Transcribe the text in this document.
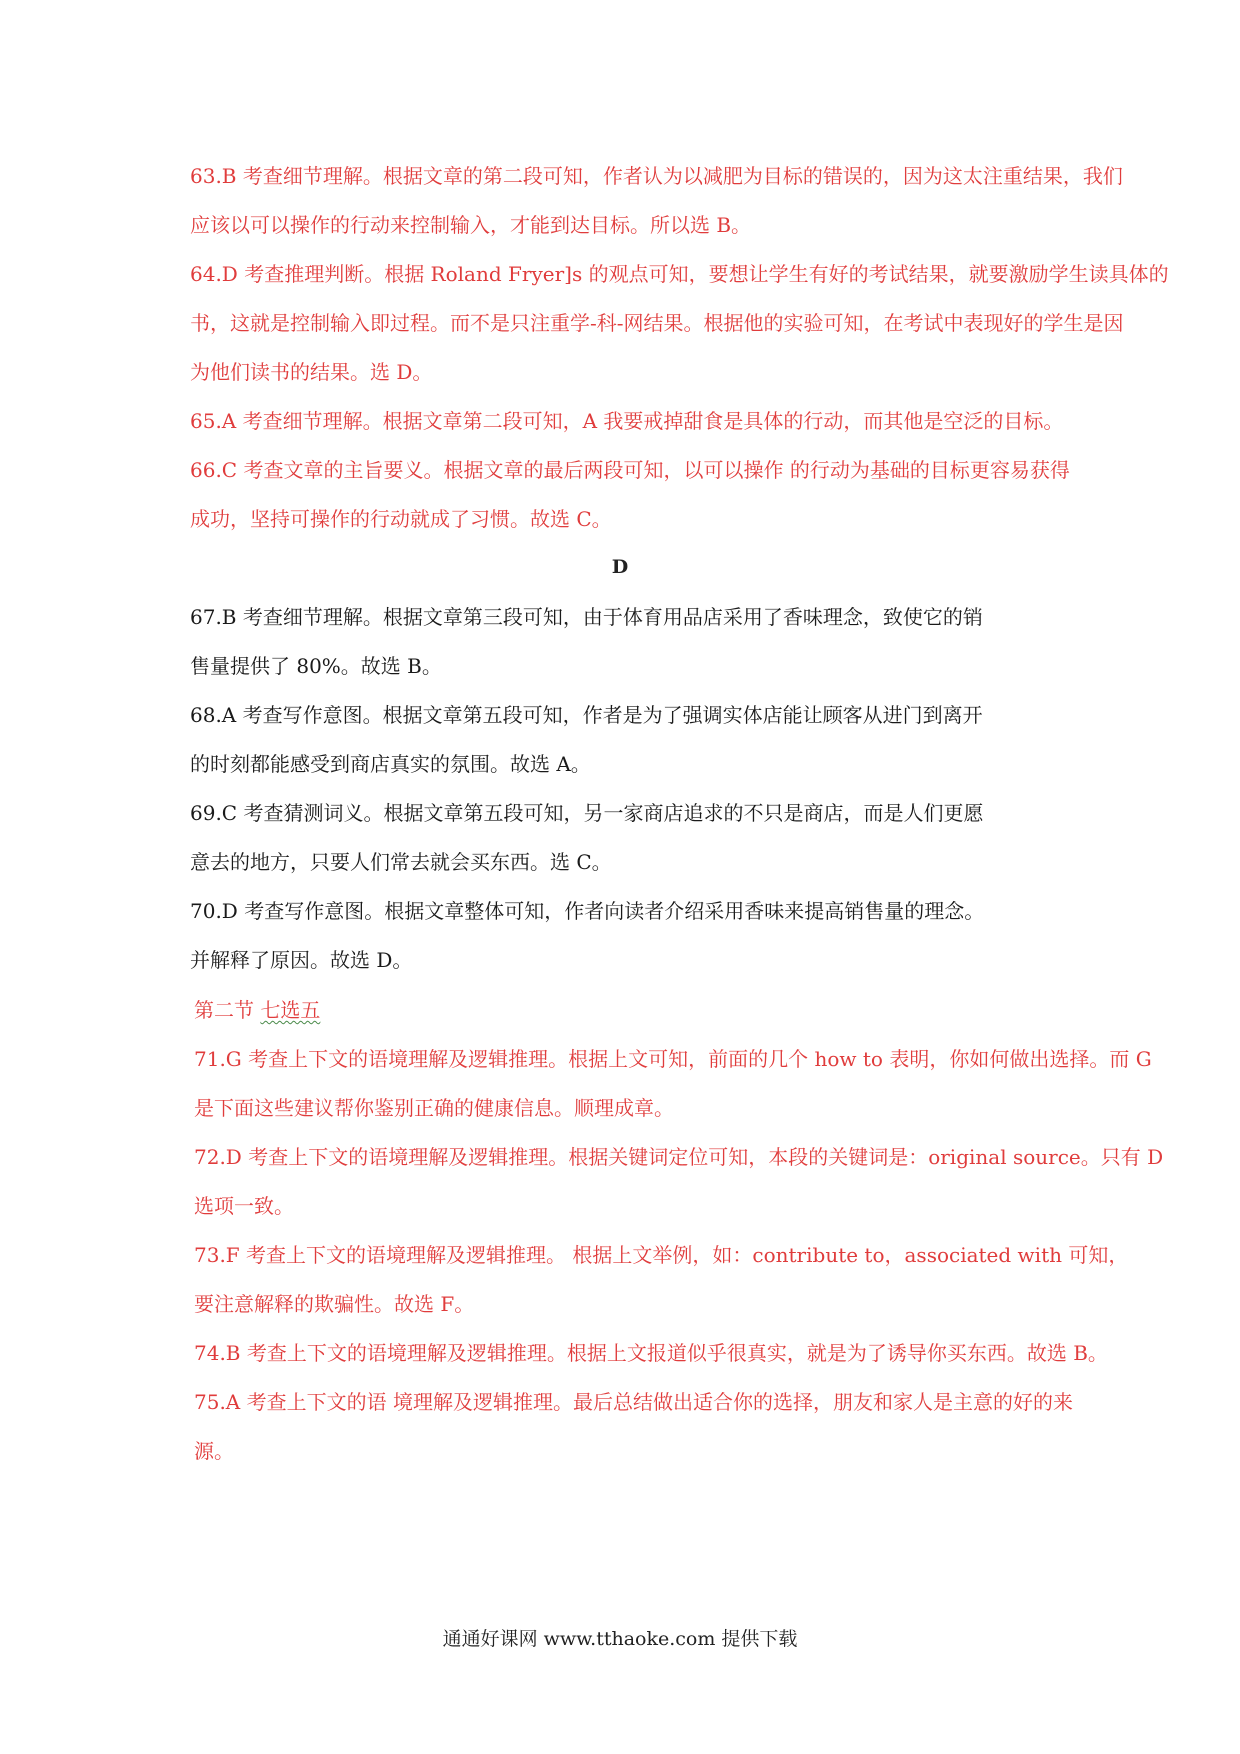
63.B 考查细节理解。根据文章的第二段可知，作者认为以减肥为目标的错误的，因为这太注重结果，我们
应该以可以操作的行动来控制输入，才能到达目标。所以选 B。
64.D 考查推理判断。根据 Roland Fryer]s 的观点可知，要想让学生有好的考试结果，就要激励学生读具体的
书，这就是控制输入即过程。而不是只注重学-科-网结果。根据他的实验可知，在考试中表现好的学生是因
为他们读书的结果。选 D。
65.A 考查细节理解。根据文章第二段可知，A 我要戒掉甜食是具体的行动，而其他是空泛的目标。
66.C 考查文章的主旨要义。根据文章的最后两段可知，以可以操作 的行动为基础的目标更容易获得
成功，坚持可操作的行动就成了习惯。故选 C。
D
67.B 考查细节理解。根据文章第三段可知，由于体育用品店采用了香味理念，致使它的销
售量提供了 80%。故选 B。
68.A 考查写作意图。根据文章第五段可知，作者是为了强调实体店能让顾客从进门到离开
的时刻都能感受到商店真实的氛围。故选 A。
69.C 考查猜测词义。根据文章第五段可知，另一家商店追求的不只是商店，而是人们更愿
意去的地方，只要人们常去就会买东西。选 C。
70.D 考查写作意图。根据文章整体可知，作者向读者介绍采用香味来提高销售量的理念。
并解释了原因。故选 D。
第二节 七选五
71.G 考查上下文的语境理解及逻辑推理。根据上文可知，前面的几个 how to 表明，你如何做出选择。而 G
是下面这些建议帮你鉴别正确的健康信息。顺理成章。
72.D 考查上下文的语境理解及逻辑推理。根据关键词定位可知，本段的关键词是：original source。只有 D
选项一致。
73.F 考查上下文的语境理解及逻辑推理。 根据上文举例，如：contribute to，associated with 可知，
要注意解释的欺骗性。故选 F。
74.B 考查上下文的语境理解及逻辑推理。根据上文报道似乎很真实，就是为了诱导你买东西。故选 B。
75.A 考查上下文的语 境理解及逻辑推理。最后总结做出适合你的选择，朋友和家人是主意的好的来
源。
通通好课网 www.tthaoke.com 提供下载
